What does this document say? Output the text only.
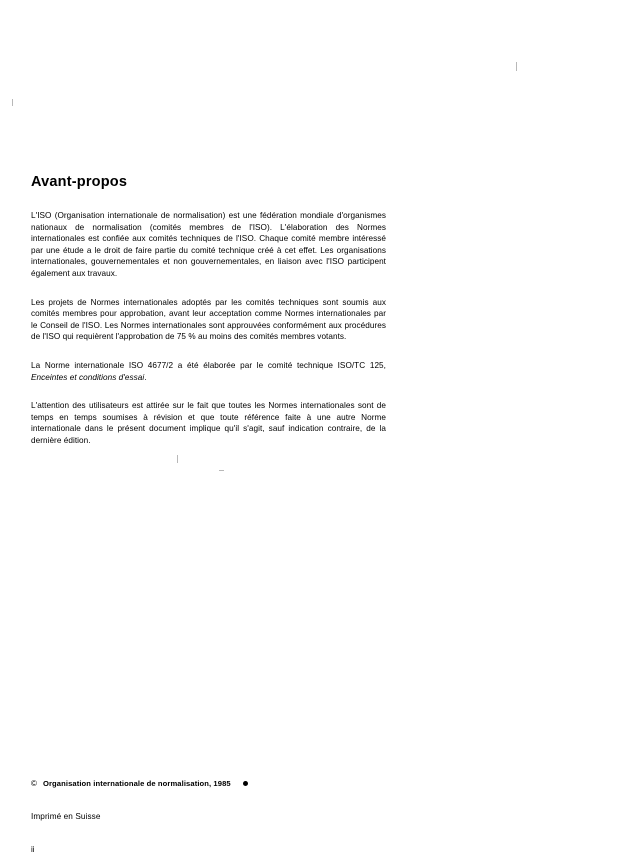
Avant-propos

L'ISO (Organisation internationale de normalisation) est une fédération mondiale d'organismes nationaux de normalisation (comités membres de l'ISO). L'élaboration des Normes internationales est confiée aux comités techniques de l'ISO. Chaque comité membre intéressé par une étude a le droit de faire partie du comité technique créé à cet effet. Les organisations internationales, gouvernementales et non gouvernementales, en liaison avec l'ISO participent également aux travaux.

Les projets de Normes internationales adoptés par les comités techniques sont soumis aux comités membres pour approbation, avant leur acceptation comme Normes internationales par le Conseil de l'ISO. Les Normes internationales sont approuvées conformément aux procédures de l'ISO qui requièrent l'approbation de 75 % au moins des comités membres votants.

La Norme internationale ISO 4677/2 a été élaborée par le comité technique ISO/TC 125, Enceintes et conditions d'essai.

L'attention des utilisateurs est attirée sur le fait que toutes les Normes internationales sont de temps en temps soumises à révision et que toute référence faite à une autre Norme internationale dans le présent document implique qu'il s'agit, sauf indication contraire, de la dernière édition.

© Organisation internationale de normalisation, 1985
Imprimé en Suisse
ii
